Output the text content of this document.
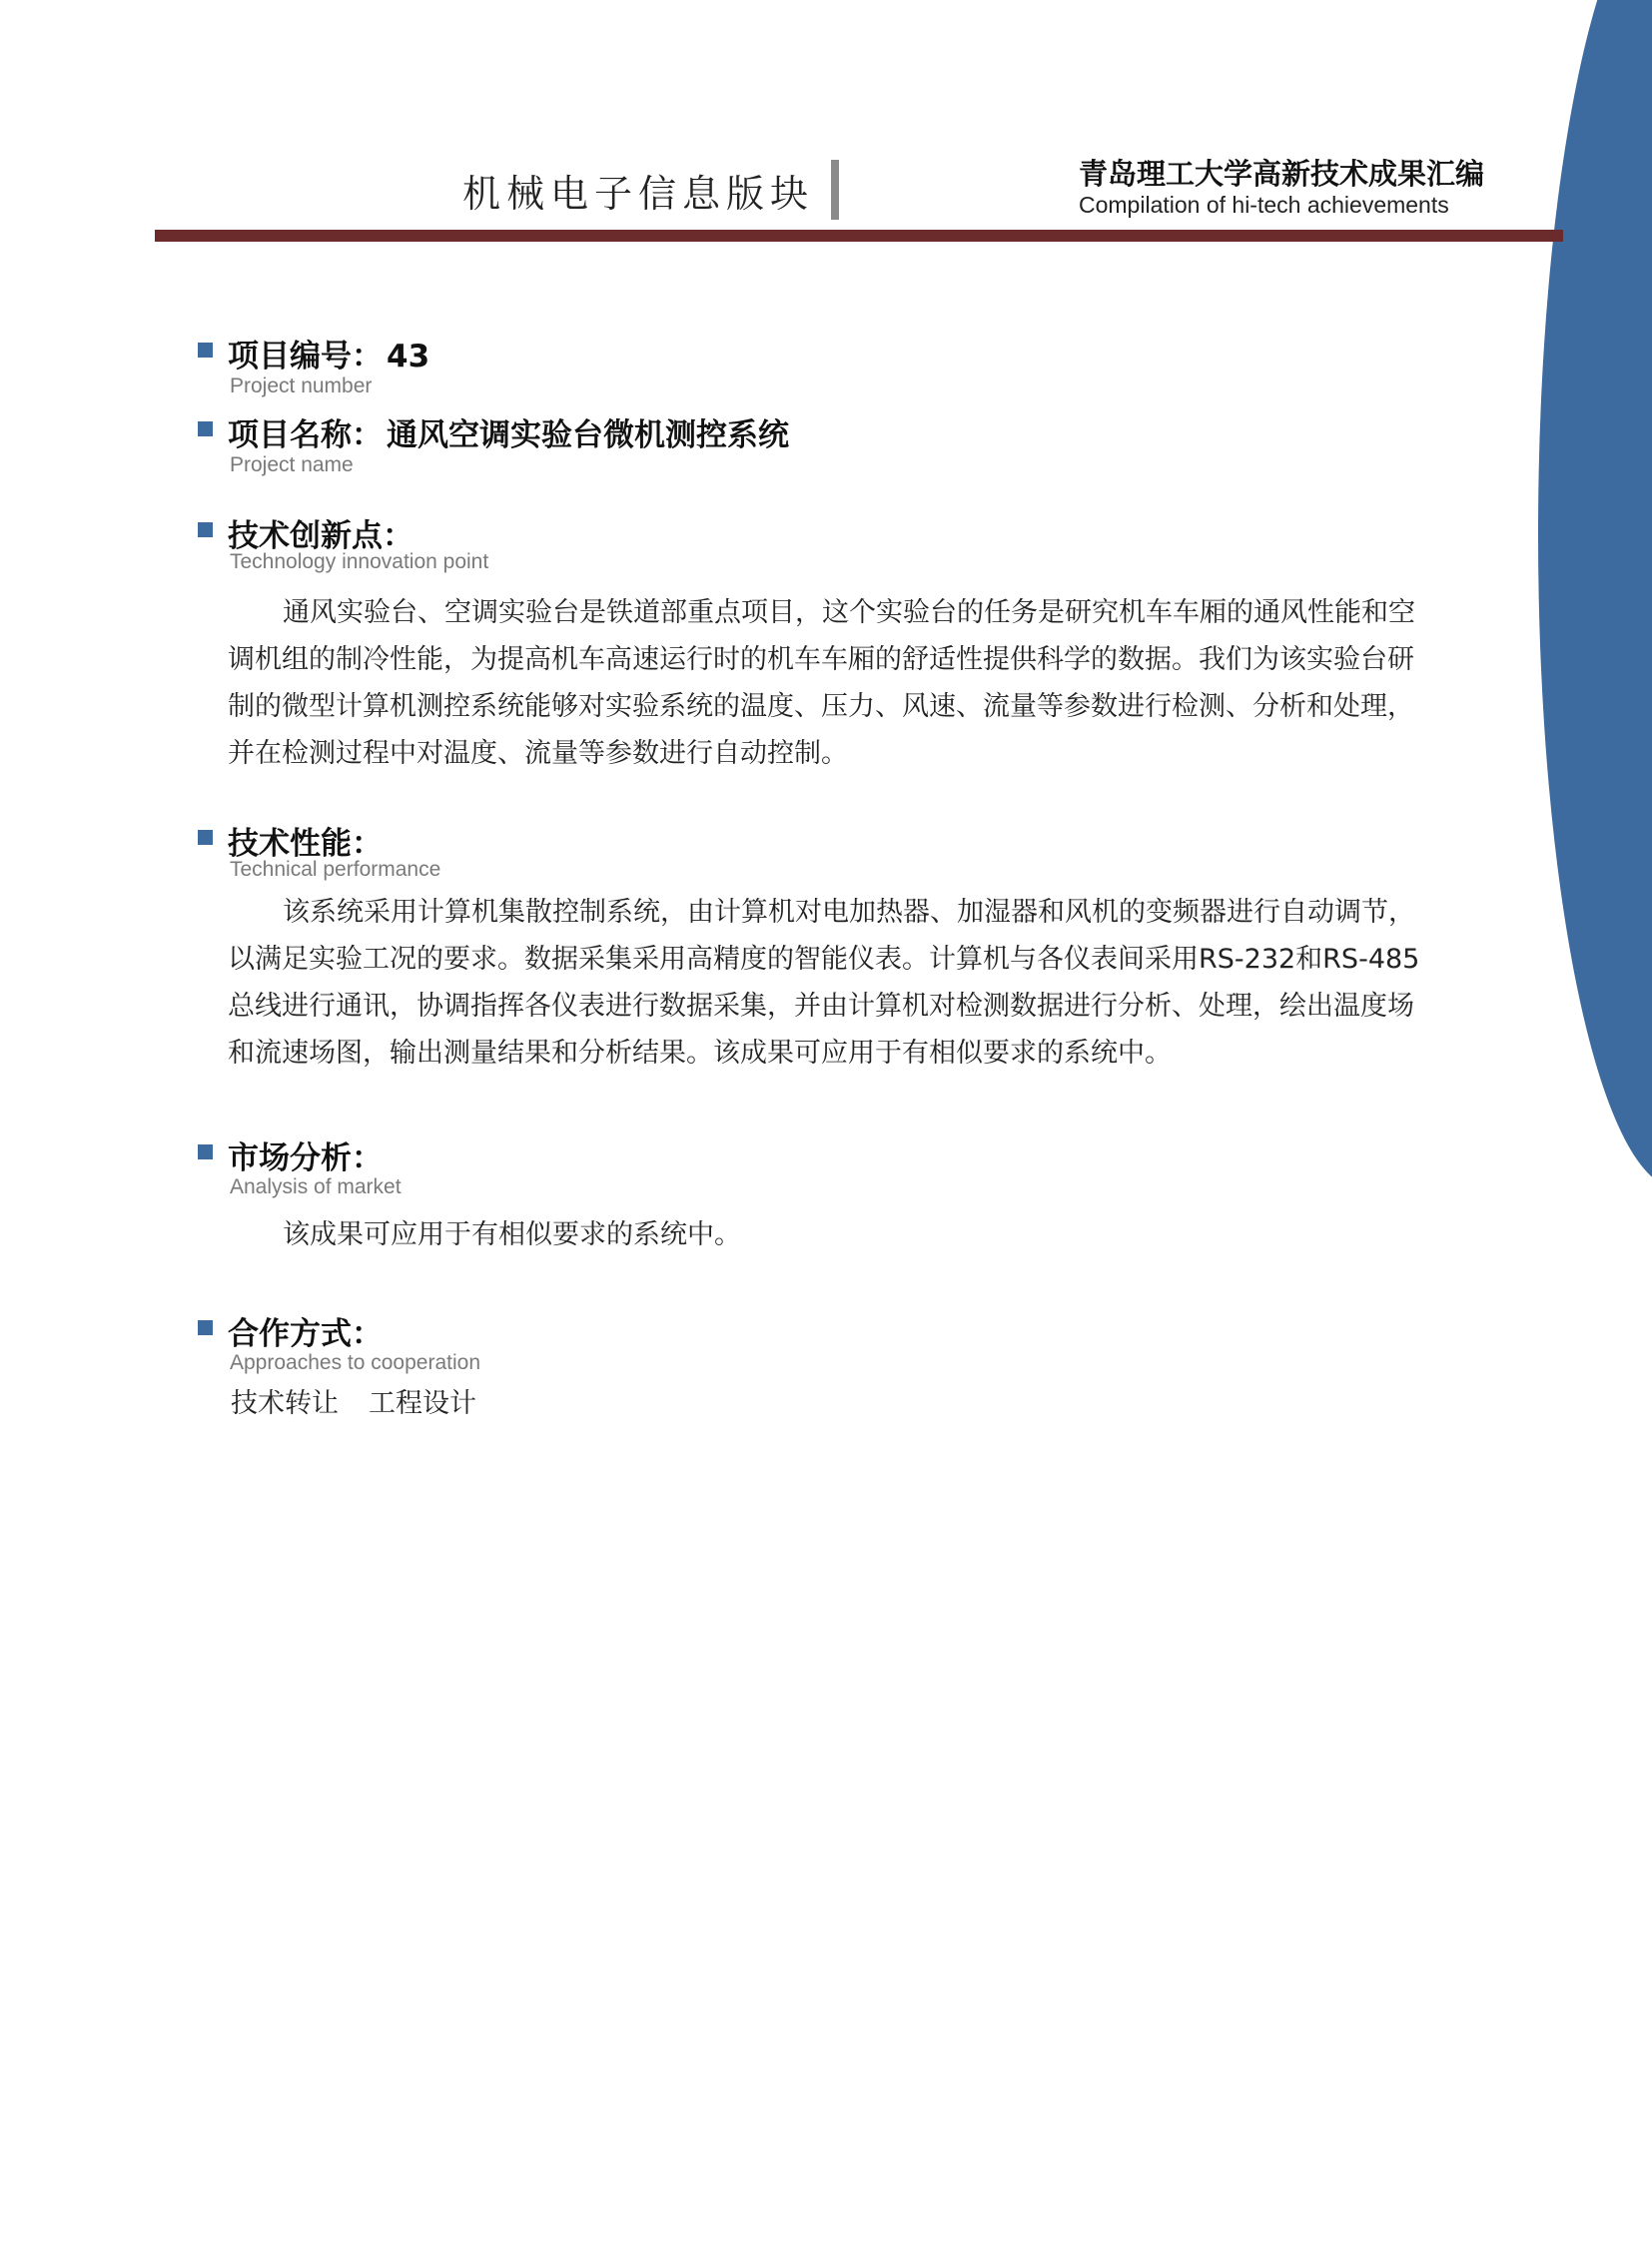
机械电子信息版块	青岛理工大学高新技术成果汇编
Compilation of hi-tech achievements
项目编号： 43
Project number
项目名称： 通风空调实验台微机测控系统
Project name
技术创新点：
Technology innovation point

通风实验台、空调实验台是铁道部重点项目，这个实验台的任务是研究机车车厢的通风性能和空调机组的制冷性能，为提高机车高速运行时的机车车厢的舒适性提供科学的数据。我们为该实验台研制的微型计算机测控系统能够对实验系统的温度、压力、风速、流量等参数进行检测、分析和处理，并在检测过程中对温度、流量等参数进行自动控制。

技术性能：
Technical performance

该系统采用计算机集散控制系统，由计算机对电加热器、加湿器和风机的变频器进行自动调节，以满足实验工况的要求。数据采集采用高精度的智能仪表。计算机与各仪表间采用RS-232和RS-485总线进行通讯，协调指挥各仪表进行数据采集，并由计算机对检测数据进行分析、处理，绘出温度场和流速场图，输出测量结果和分析结果。该成果可应用于有相似要求的系统中。

市场分析：
Analysis of market

该成果可应用于有相似要求的系统中。

合作方式：
Approaches to cooperation
技术转让 工程设计
